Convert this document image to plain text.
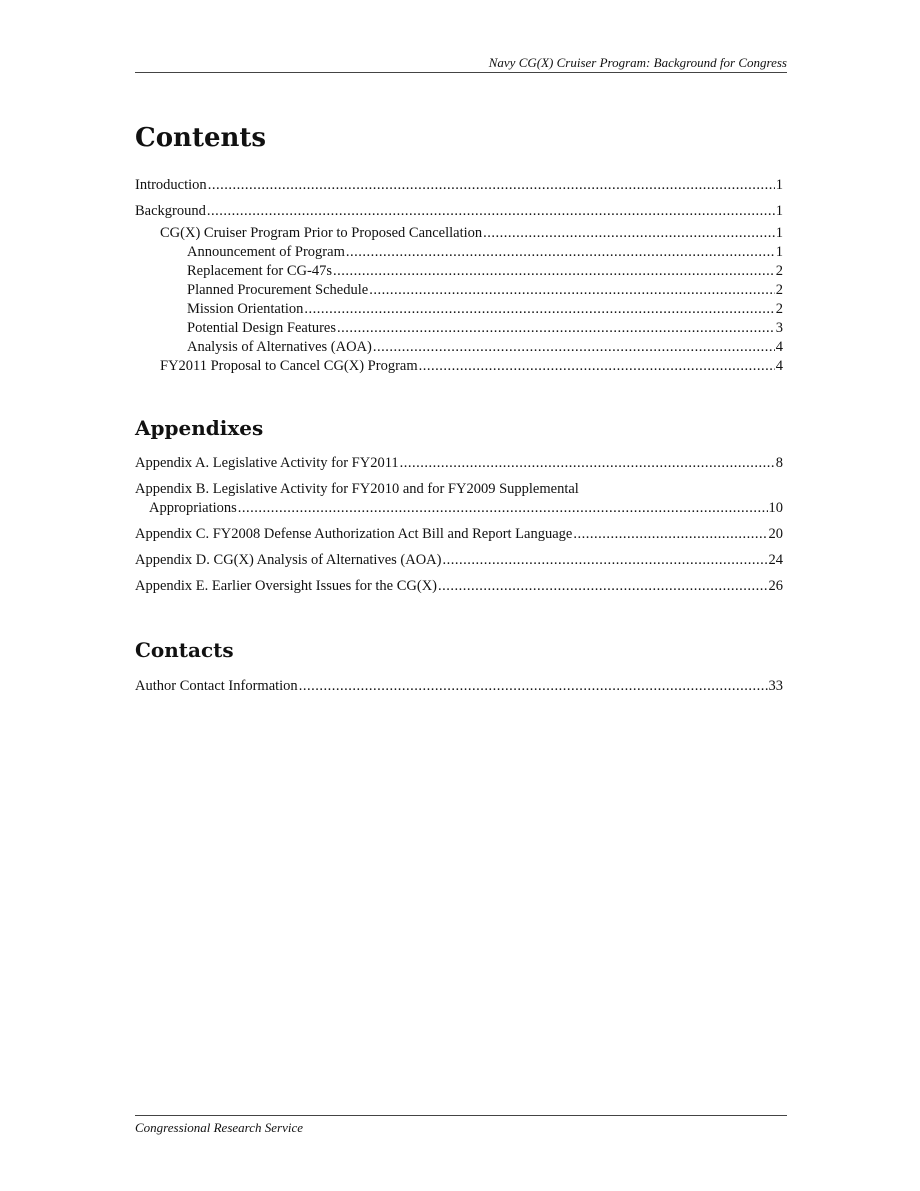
Navy CG(X) Cruiser Program: Background for Congress
Contents
Introduction .....	1
Background .....	1
CG(X) Cruiser Program Prior to Proposed Cancellation .....	1
Announcement of Program .....	1
Replacement for CG-47s .....	2
Planned Procurement Schedule .....	2
Mission Orientation .....	2
Potential Design Features .....	3
Analysis of Alternatives (AOA) .....	4
FY2011 Proposal to Cancel CG(X) Program .....	4
Appendixes
Appendix A. Legislative Activity for FY2011 .....	8
Appendix B. Legislative Activity for FY2010 and for FY2009 Supplemental
Appropriations .....	10
Appendix C. FY2008 Defense Authorization Act Bill and Report Language .....	20
Appendix D. CG(X) Analysis of Alternatives (AOA) .....	24
Appendix E. Earlier Oversight Issues for the CG(X) .....	26
Contacts
Author Contact Information .....	33
Congressional Research Service
